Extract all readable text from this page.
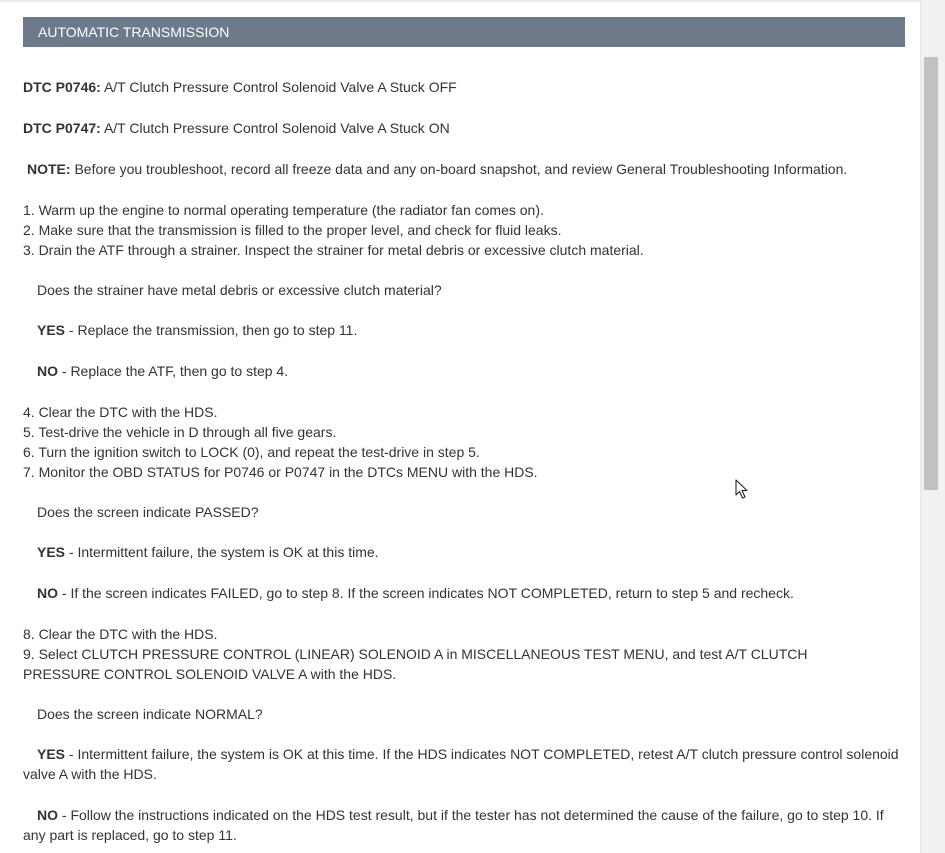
AUTOMATIC TRANSMISSION
DTC P0746: A/T Clutch Pressure Control Solenoid Valve A Stuck OFF
DTC P0747: A/T Clutch Pressure Control Solenoid Valve A Stuck ON
NOTE: Before you troubleshoot, record all freeze data and any on-board snapshot, and review General Troubleshooting Information.
1. Warm up the engine to normal operating temperature (the radiator fan comes on).
2. Make sure that the transmission is filled to the proper level, and check for fluid leaks.
3. Drain the ATF through a strainer. Inspect the strainer for metal debris or excessive clutch material.
Does the strainer have metal debris or excessive clutch material?
YES - Replace the transmission, then go to step 11.
NO - Replace the ATF, then go to step 4.
4. Clear the DTC with the HDS.
5. Test-drive the vehicle in D through all five gears.
6. Turn the ignition switch to LOCK (0), and repeat the test-drive in step 5.
7. Monitor the OBD STATUS for P0746 or P0747 in the DTCs MENU with the HDS.
Does the screen indicate PASSED?
YES - Intermittent failure, the system is OK at this time.
NO - If the screen indicates FAILED, go to step 8. If the screen indicates NOT COMPLETED, return to step 5 and recheck.
8. Clear the DTC with the HDS.
9. Select CLUTCH PRESSURE CONTROL (LINEAR) SOLENOID A in MISCELLANEOUS TEST MENU, and test A/T CLUTCH PRESSURE CONTROL SOLENOID VALVE A with the HDS.
Does the screen indicate NORMAL?
YES - Intermittent failure, the system is OK at this time. If the HDS indicates NOT COMPLETED, retest A/T clutch pressure control solenoid valve A with the HDS.
NO - Follow the instructions indicated on the HDS test result, but if the tester has not determined the cause of the failure, go to step 10. If any part is replaced, go to step 11.
